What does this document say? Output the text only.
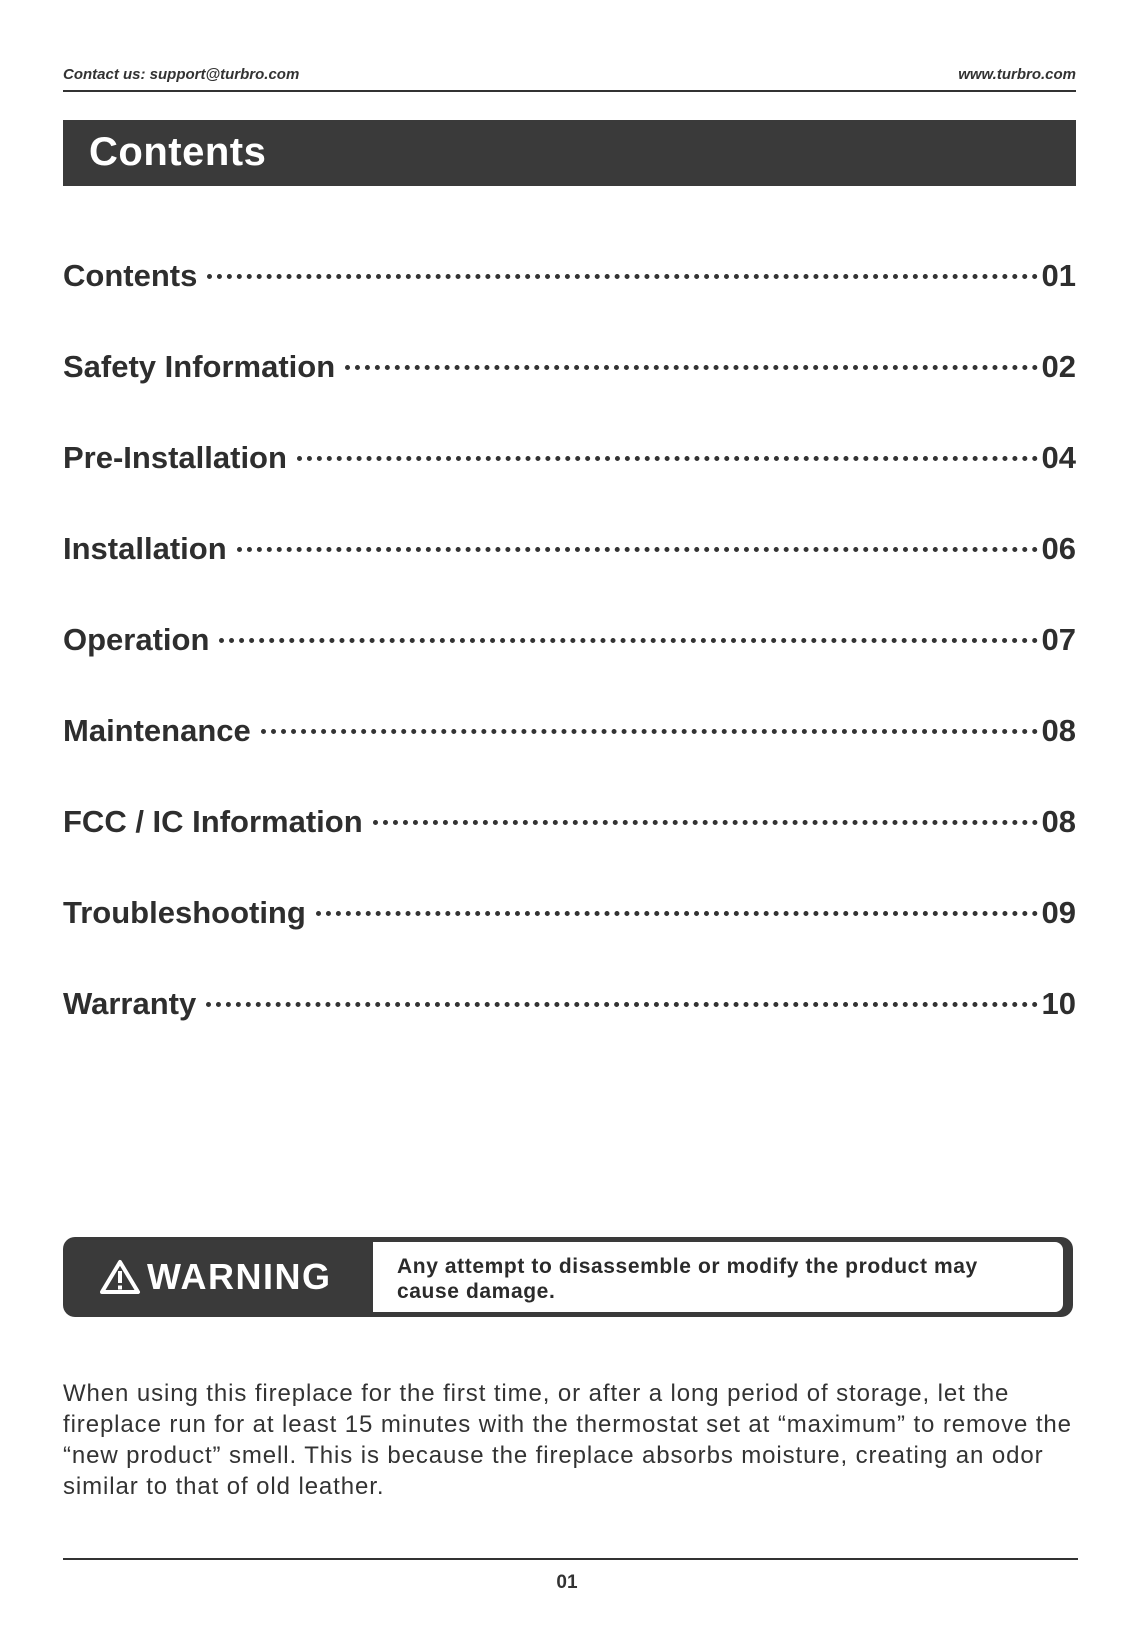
Contact us: support@turbro.com	www.turbro.com
Contents
Contents	01
Safety Information	02
Pre-Installation	04
Installation	06
Operation	07
Maintenance	08
FCC / IC Information	08
Troubleshooting	09
Warranty	10
WARNING	Any attempt to disassemble or modify the product may
cause damage.

When using this fireplace for the first time, or after a long period of storage, let the fireplace run for at least 15 minutes with the thermostat set at “maximum” to remove the “new product” smell. This is because the fireplace absorbs moisture, creating an odor similar to that of old leather.

01
